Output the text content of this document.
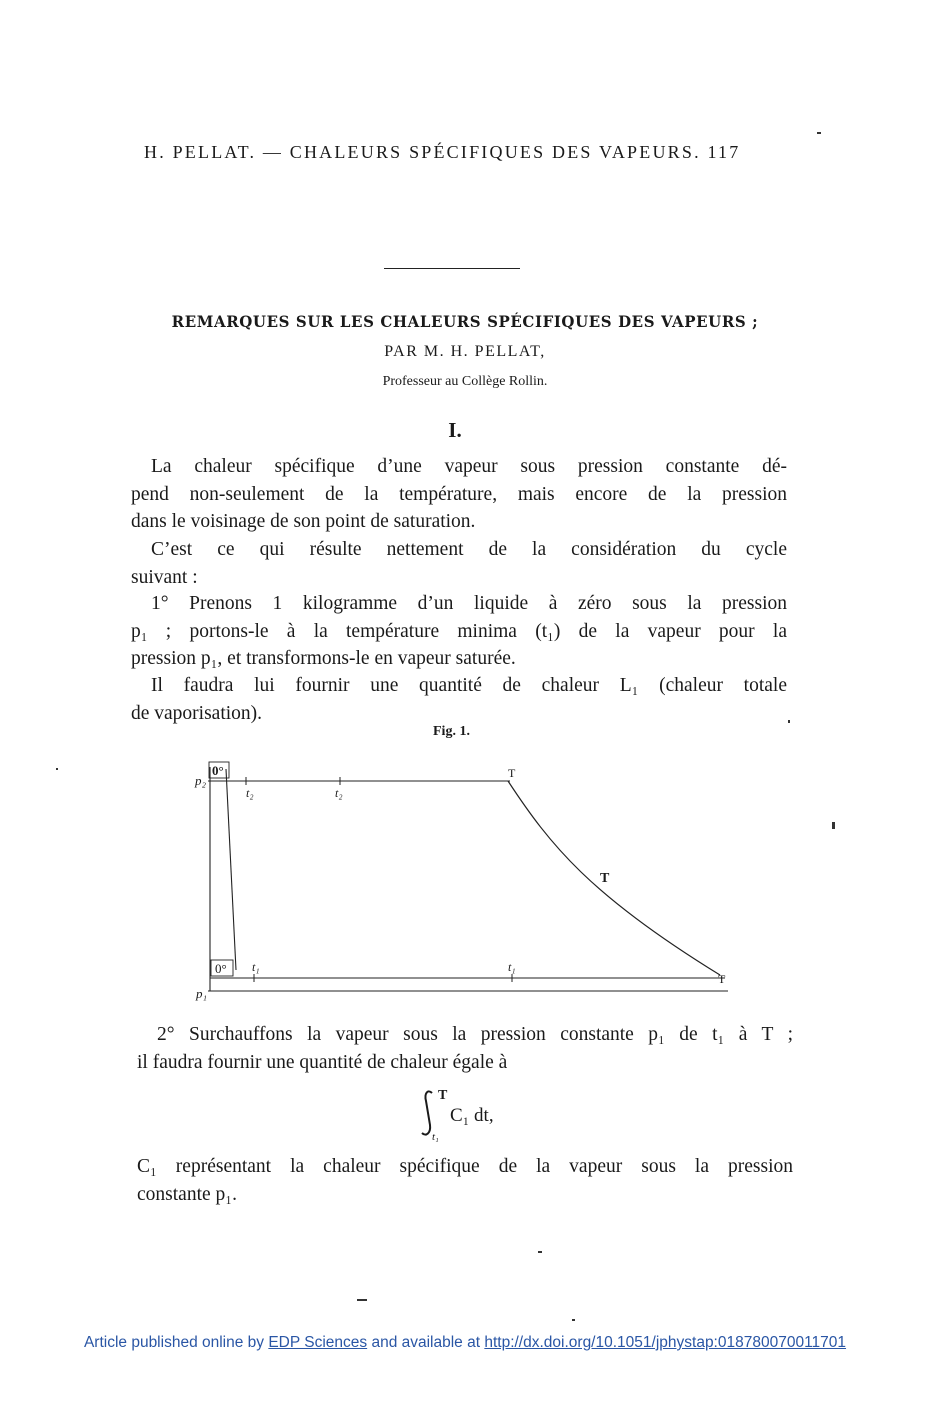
H. PELLAT. — CHALEURS SPÉCIFIQUES DES VAPEURS. 117
REMARQUES SUR LES CHALEURS SPÉCIFIQUES DES VAPEURS ;
PAR M. H. PELLAT,
Professeur au Collège Rollin.
I.
La chaleur spécifique d’une vapeur sous pression constante dé-
pend non-seulement de la température, mais encore de la pression
dans le voisinage de son point de saturation.
C’est ce qui résulte nettement de la considération du cycle
suivant :
1° Prenons 1 kilogramme d’un liquide à zéro sous la pression
p₁ ; portons-le à la température minima (t₁) de la vapeur pour la
pression p₁, et transformons-le en vapeur saturée.
Il faudra lui fournir une quantité de chaleur L₁ (chaleur totale
de vaporisation).
Fig. 1.
p₂
p₁
0°
0°
t₂	t₂
t₁	t₁
T
T
T
2° Surchauffons la vapeur sous la pression constante p₁ de t₁ à T ;
il faudra fournir une quantité de chaleur égale à
T
t₁
C₁ dt,
C₁ représentant la chaleur spécifique de la vapeur sous la pression
constante p₁.
Article published online by EDP Sciences and available at http://dx.doi.org/10.1051/jphystap:018780070011701
